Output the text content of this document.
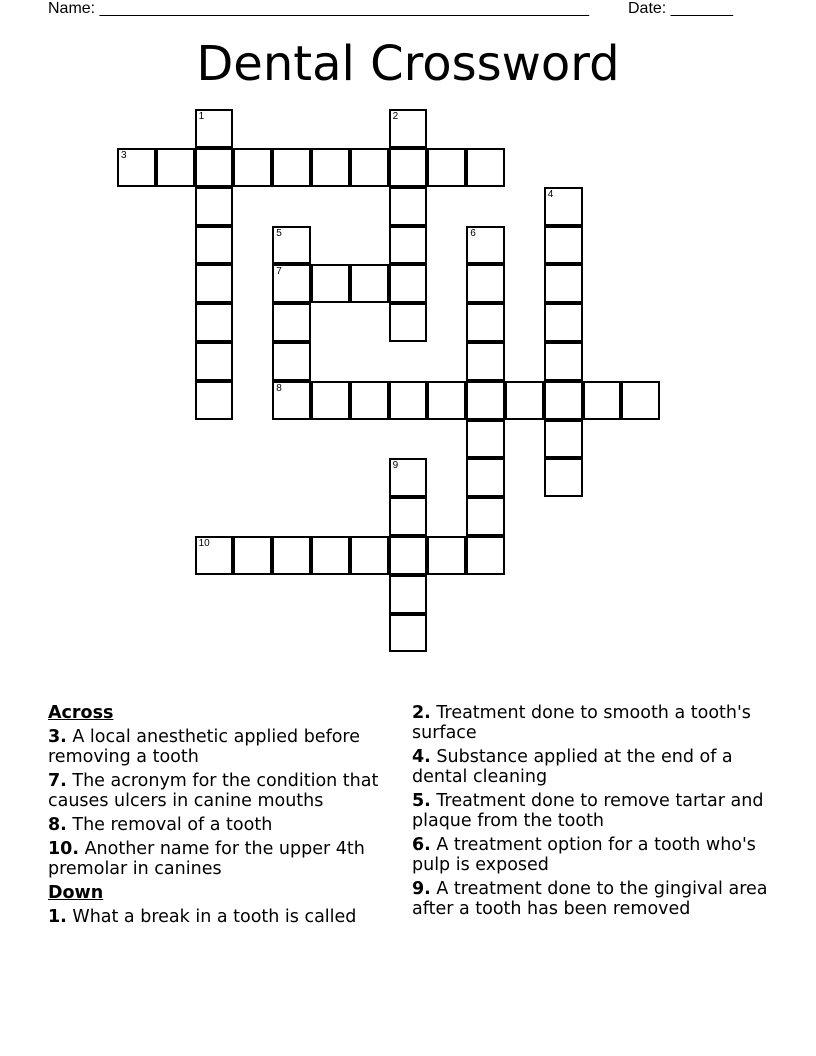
Name: _______________________________________________________ Date: _______
Dental Crossword
1	2
3
4
5
7
8
6
9
10
Across
3. A local anesthetic applied before removing a tooth
7. The acronym for the condition that causes ulcers in canine mouths
8. The removal of a tooth
10. Another name for the upper 4th premolar in canines
Down
1. What a break in a tooth is called
2. Treatment done to smooth a tooth's surface
4. Substance applied at the end of a dental cleaning
5. Treatment done to remove tartar and plaque from the tooth
6. A treatment option for a tooth who's pulp is exposed
9. A treatment done to the gingival area after a tooth has been removed
